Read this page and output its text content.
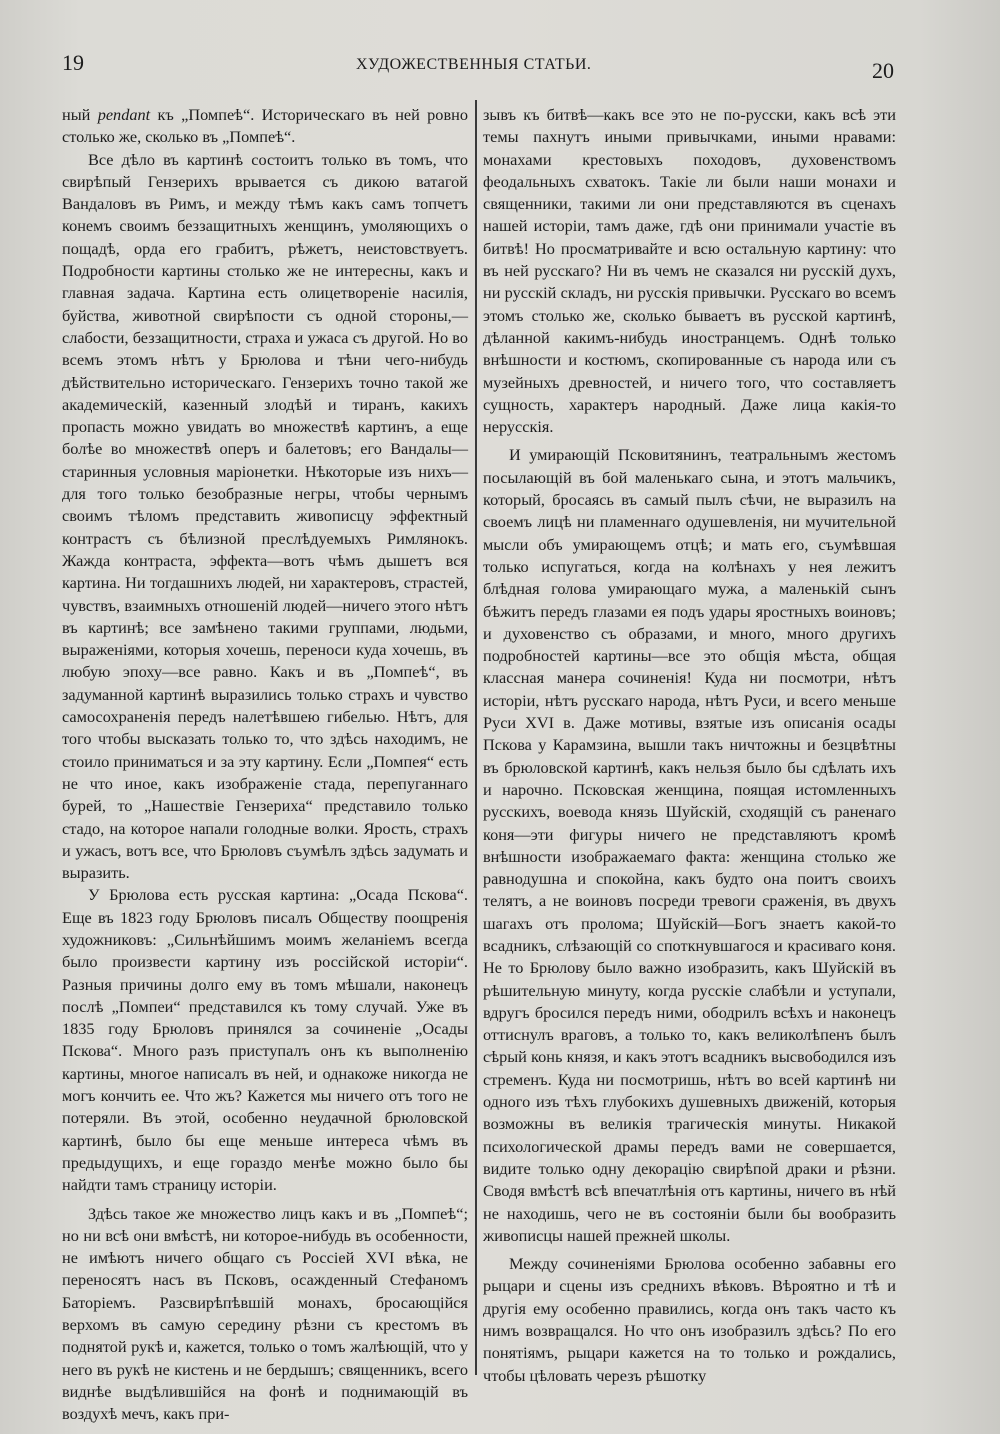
19	ХУДОЖЕСТВЕННЫЯ СТАТЬИ.	20

ный pendant къ „Помпеѣ“. Историческаго въ ней ровно столько же, сколько въ „Помпеѣ“.

Все дѣло въ картинѣ состоитъ только въ томъ, что свирѣпый Гензерихъ врывается съ дикою ватагой Вандаловъ въ Римъ, и между тѣмъ какъ самъ топчетъ конемъ своимъ беззащитныхъ женщинъ, умоляющихъ о пощадѣ, орда его грабитъ, рѣжетъ, неистовствуетъ. Подробности картины столько же не интересны, какъ и главная задача. Картина есть олицетвореніе насилія, буйства, животной свирѣпости съ одной стороны,—слабости, беззащитности, страха и ужаса съ другой. Но во всемъ этомъ нѣтъ у Брюлова и тѣни чего-нибудь дѣйствительно историческаго. Гензерихъ точно такой же академическій, казенный злодѣй и тиранъ, какихъ пропасть можно увидать во множествѣ картинъ, а еще болѣе во множествѣ оперъ и балетовъ; его Вандалы—старинныя условныя маріонетки. Нѣкоторые изъ нихъ—для того только безобразные негры, чтобы чернымъ своимъ тѣломъ представить живописцу эффектный контрастъ съ бѣлизной преслѣдуемыхъ Римлянокъ. Жажда контраста, эффекта—вотъ чѣмъ дышетъ вся картина. Ни тогдашнихъ людей, ни характеровъ, страстей, чувствъ, взаимныхъ отношеній людей—ничего этого нѣтъ въ картинѣ; все замѣнено такими группами, людьми, выраженіями, которыя хочешь, переноси куда хочешь, въ любую эпоху—все равно. Какъ и въ „Помпеѣ“, въ задуманной картинѣ выразились только страхъ и чувство самосохраненія передъ налетѣвшею гибелью. Нѣтъ, для того чтобы высказать только то, что здѣсь находимъ, не стоило приниматься и за эту картину. Если „Помпея“ есть не что иное, какъ изображеніе стада, перепуганнаго бурей, то „Нашествіе Гензериха“ представило только стадо, на которое напали голодные волки. Ярость, страхъ и ужасъ, вотъ все, что Брюловъ съумѣлъ здѣсь задумать и выразить.

У Брюлова есть русская картина: „Осада Пскова“. Еще въ 1823 году Брюловъ писалъ Обществу поощренія художниковъ: „Сильнѣйшимъ моимъ желаніемъ всегда было произвести картину изъ россійской исторіи“. Разныя причины долго ему въ томъ мѣшали, наконецъ послѣ „Помпеи“ представился къ тому случай. Уже въ 1835 году Брюловъ принялся за сочиненіе „Осады Пскова“. Много разъ приступалъ онъ къ выполненію картины, многое написалъ въ ней, и однакоже никогда не могъ кончить ее. Что жъ? Кажется мы ничего отъ того не потеряли. Въ этой, особенно неудачной брюловской картинѣ, было бы еще меньше интереса чѣмъ въ предыдущихъ, и еще гораздо менѣе можно было бы найдти тамъ страницу исторіи.

Здѣсь такое же множество лицъ какъ и въ „Помпеѣ“; но ни всѣ они вмѣстѣ, ни которое-нибудь въ особенности, не имѣютъ ничего общаго съ Россіей XVI вѣка, не переносятъ насъ въ Псковъ, осажденный Стефаномъ Баторіемъ. Разсвирѣпѣвшій монахъ, бросающійся верхомъ въ самую середину рѣзни съ крестомъ въ поднятой рукѣ и, кажется, только о томъ жалѣющій, что у него въ рукѣ не кистень и не бердышъ; священникъ, всего виднѣе выдѣлившійся на фонѣ и поднимающій въ воздухѣ мечъ, какъ при-

зывъ къ битвѣ—какъ все это не по-русски, какъ всѣ эти темы пахнутъ иными привычками, иными нравами: монахами крестовыхъ походовъ, духовенствомъ феодальныхъ схватокъ. Такіе ли были наши монахи и священники, такими ли они представляются въ сценахъ нашей исторіи, тамъ даже, гдѣ они принимали участіе въ битвѣ! Но просматривайте и всю остальную картину: что въ ней русскаго? Ни въ чемъ не сказался ни русскій духъ, ни русскій складъ, ни русскія привычки. Русскаго во всемъ этомъ столько же, сколько бываетъ въ русской картинѣ, дѣланной какимъ-нибудь иностранцемъ. Однѣ только внѣшности и костюмъ, скопированные съ народа или съ музейныхъ древностей, и ничего того, что составляетъ сущность, характеръ народный. Даже лица какія-то нерусскія.

И умирающій Псковитянинъ, театральнымъ жестомъ посылающій въ бой маленькаго сына, и этотъ мальчикъ, который, бросаясь въ самый пылъ сѣчи, не выразилъ на своемъ лицѣ ни пламеннаго одушевленія, ни мучительной мысли объ умирающемъ отцѣ; и мать его, съумѣвшая только испугаться, когда на колѣнахъ у нея лежитъ блѣдная голова умирающаго мужа, а маленькій сынъ бѣжитъ передъ глазами ея подъ удары яростныхъ воиновъ; и духовенство съ образами, и много, много другихъ подробностей картины—все это общія мѣста, общая классная манера сочиненія! Куда ни посмотри, нѣтъ исторіи, нѣтъ русскаго народа, нѣтъ Руси, и всего меньше Руси XVI в. Даже мотивы, взятые изъ описанія осады Пскова у Карамзина, вышли такъ ничтожны и безцвѣтны въ брюловской картинѣ, какъ нельзя было бы сдѣлать ихъ и нарочно. Псковская женщина, поящая истомленныхъ русскихъ, воевода князь Шуйскій, сходящій съ раненаго коня—эти фигуры ничего не представляютъ кромѣ внѣшности изображаемаго факта: женщина столько же равнодушна и спокойна, какъ будто она поитъ своихъ телятъ, а не воиновъ посреди тревоги сраженія, въ двухъ шагахъ отъ пролома; Шуйскій—Богъ знаетъ какой-то всадникъ, слѣзающій со споткнувшагося и красиваго коня. Не то Брюлову было важно изобразить, какъ Шуйскій въ рѣшительную минуту, когда русскіе слабѣли и уступали, вдругъ бросился передъ ними, ободрилъ всѣхъ и наконецъ оттиснулъ враговъ, а только то, какъ великолѣпенъ былъ сѣрый конь князя, и какъ этотъ всадникъ высвободился изъ стременъ. Куда ни посмотришь, нѣтъ во всей картинѣ ни одного изъ тѣхъ глубокихъ душевныхъ движеній, которыя возможны въ великія трагическія минуты. Никакой психологической драмы передъ вами не совершается, видите только одну декорацію свирѣпой драки и рѣзни. Сводя вмѣстѣ всѣ впечатлѣнія отъ картины, ничего въ нѣй не находишь, чего не въ состояніи были бы вообразить живописцы нашей прежней школы.

Между сочиненіями Брюлова особенно забавны его рыцари и сцены изъ среднихъ вѣковъ. Вѣроятно и тѣ и другія ему особенно правились, когда онъ такъ часто къ нимъ возвращался. Но что онъ изобразилъ здѣсь? По его понятіямъ, рыцари кажется на то только и рождались, чтобы цѣловать черезъ рѣшотку
